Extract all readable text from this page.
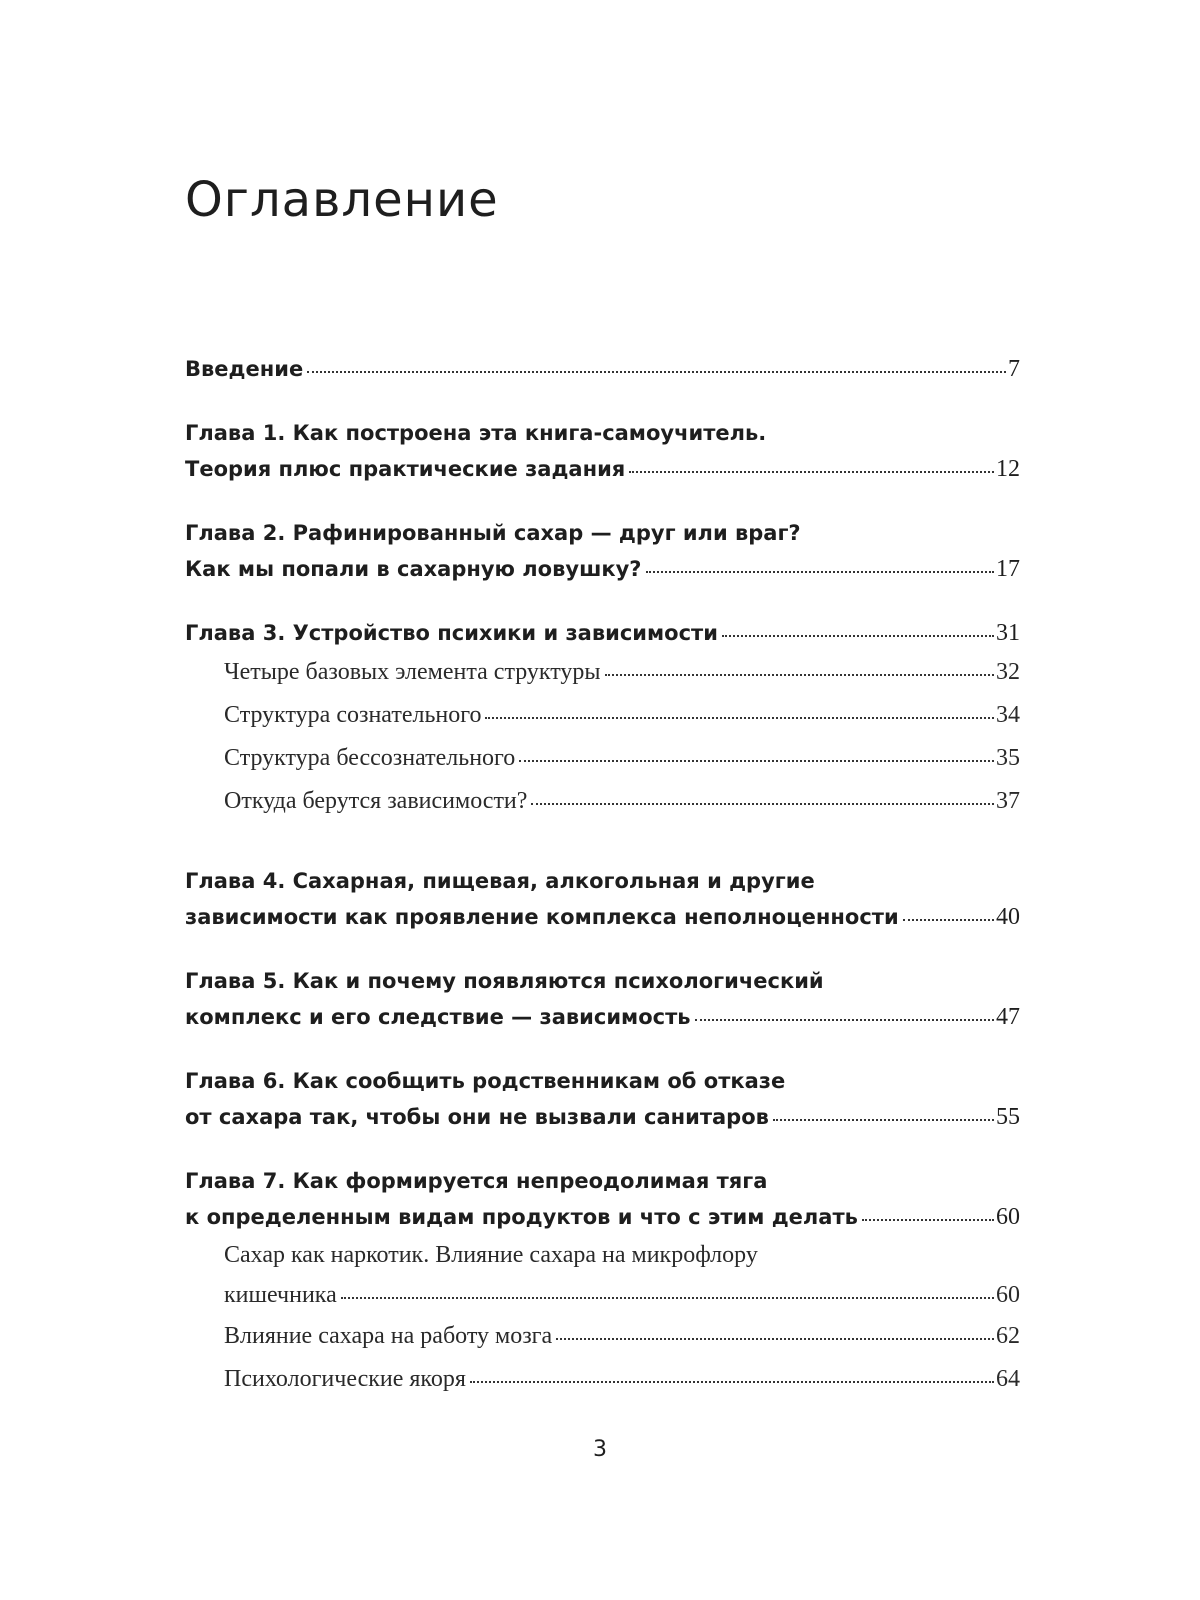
Оглавление
Введение	7
Глава 1. Как построена эта книга-самоучитель.
Теория плюс практические задания	12
Глава 2. Рафинированный сахар — друг или враг?
Как мы попали в сахарную ловушку?	17
Глава 3. Устройство психики и зависимости	31
Четыре базовых элемента структуры	32
Структура сознательного	34
Структура бессознательного	35
Откуда берутся зависимости?	37
Глава 4. Сахарная, пищевая, алкогольная и другие
зависимости как проявление комплекса неполноценности	40
Глава 5. Как и почему появляются психологический
комплекс и его следствие — зависимость	47
Глава 6. Как сообщить родственникам об отказе
от сахара так, чтобы они не вызвали санитаров	55
Глава 7. Как формируется непреодолимая тяга
к определенным видам продуктов и что с этим делать	60
Сахар как наркотик. Влияние сахара на микрофлору
кишечника	60
Влияние сахара на работу мозга	62
Психологические якоря	64

3
